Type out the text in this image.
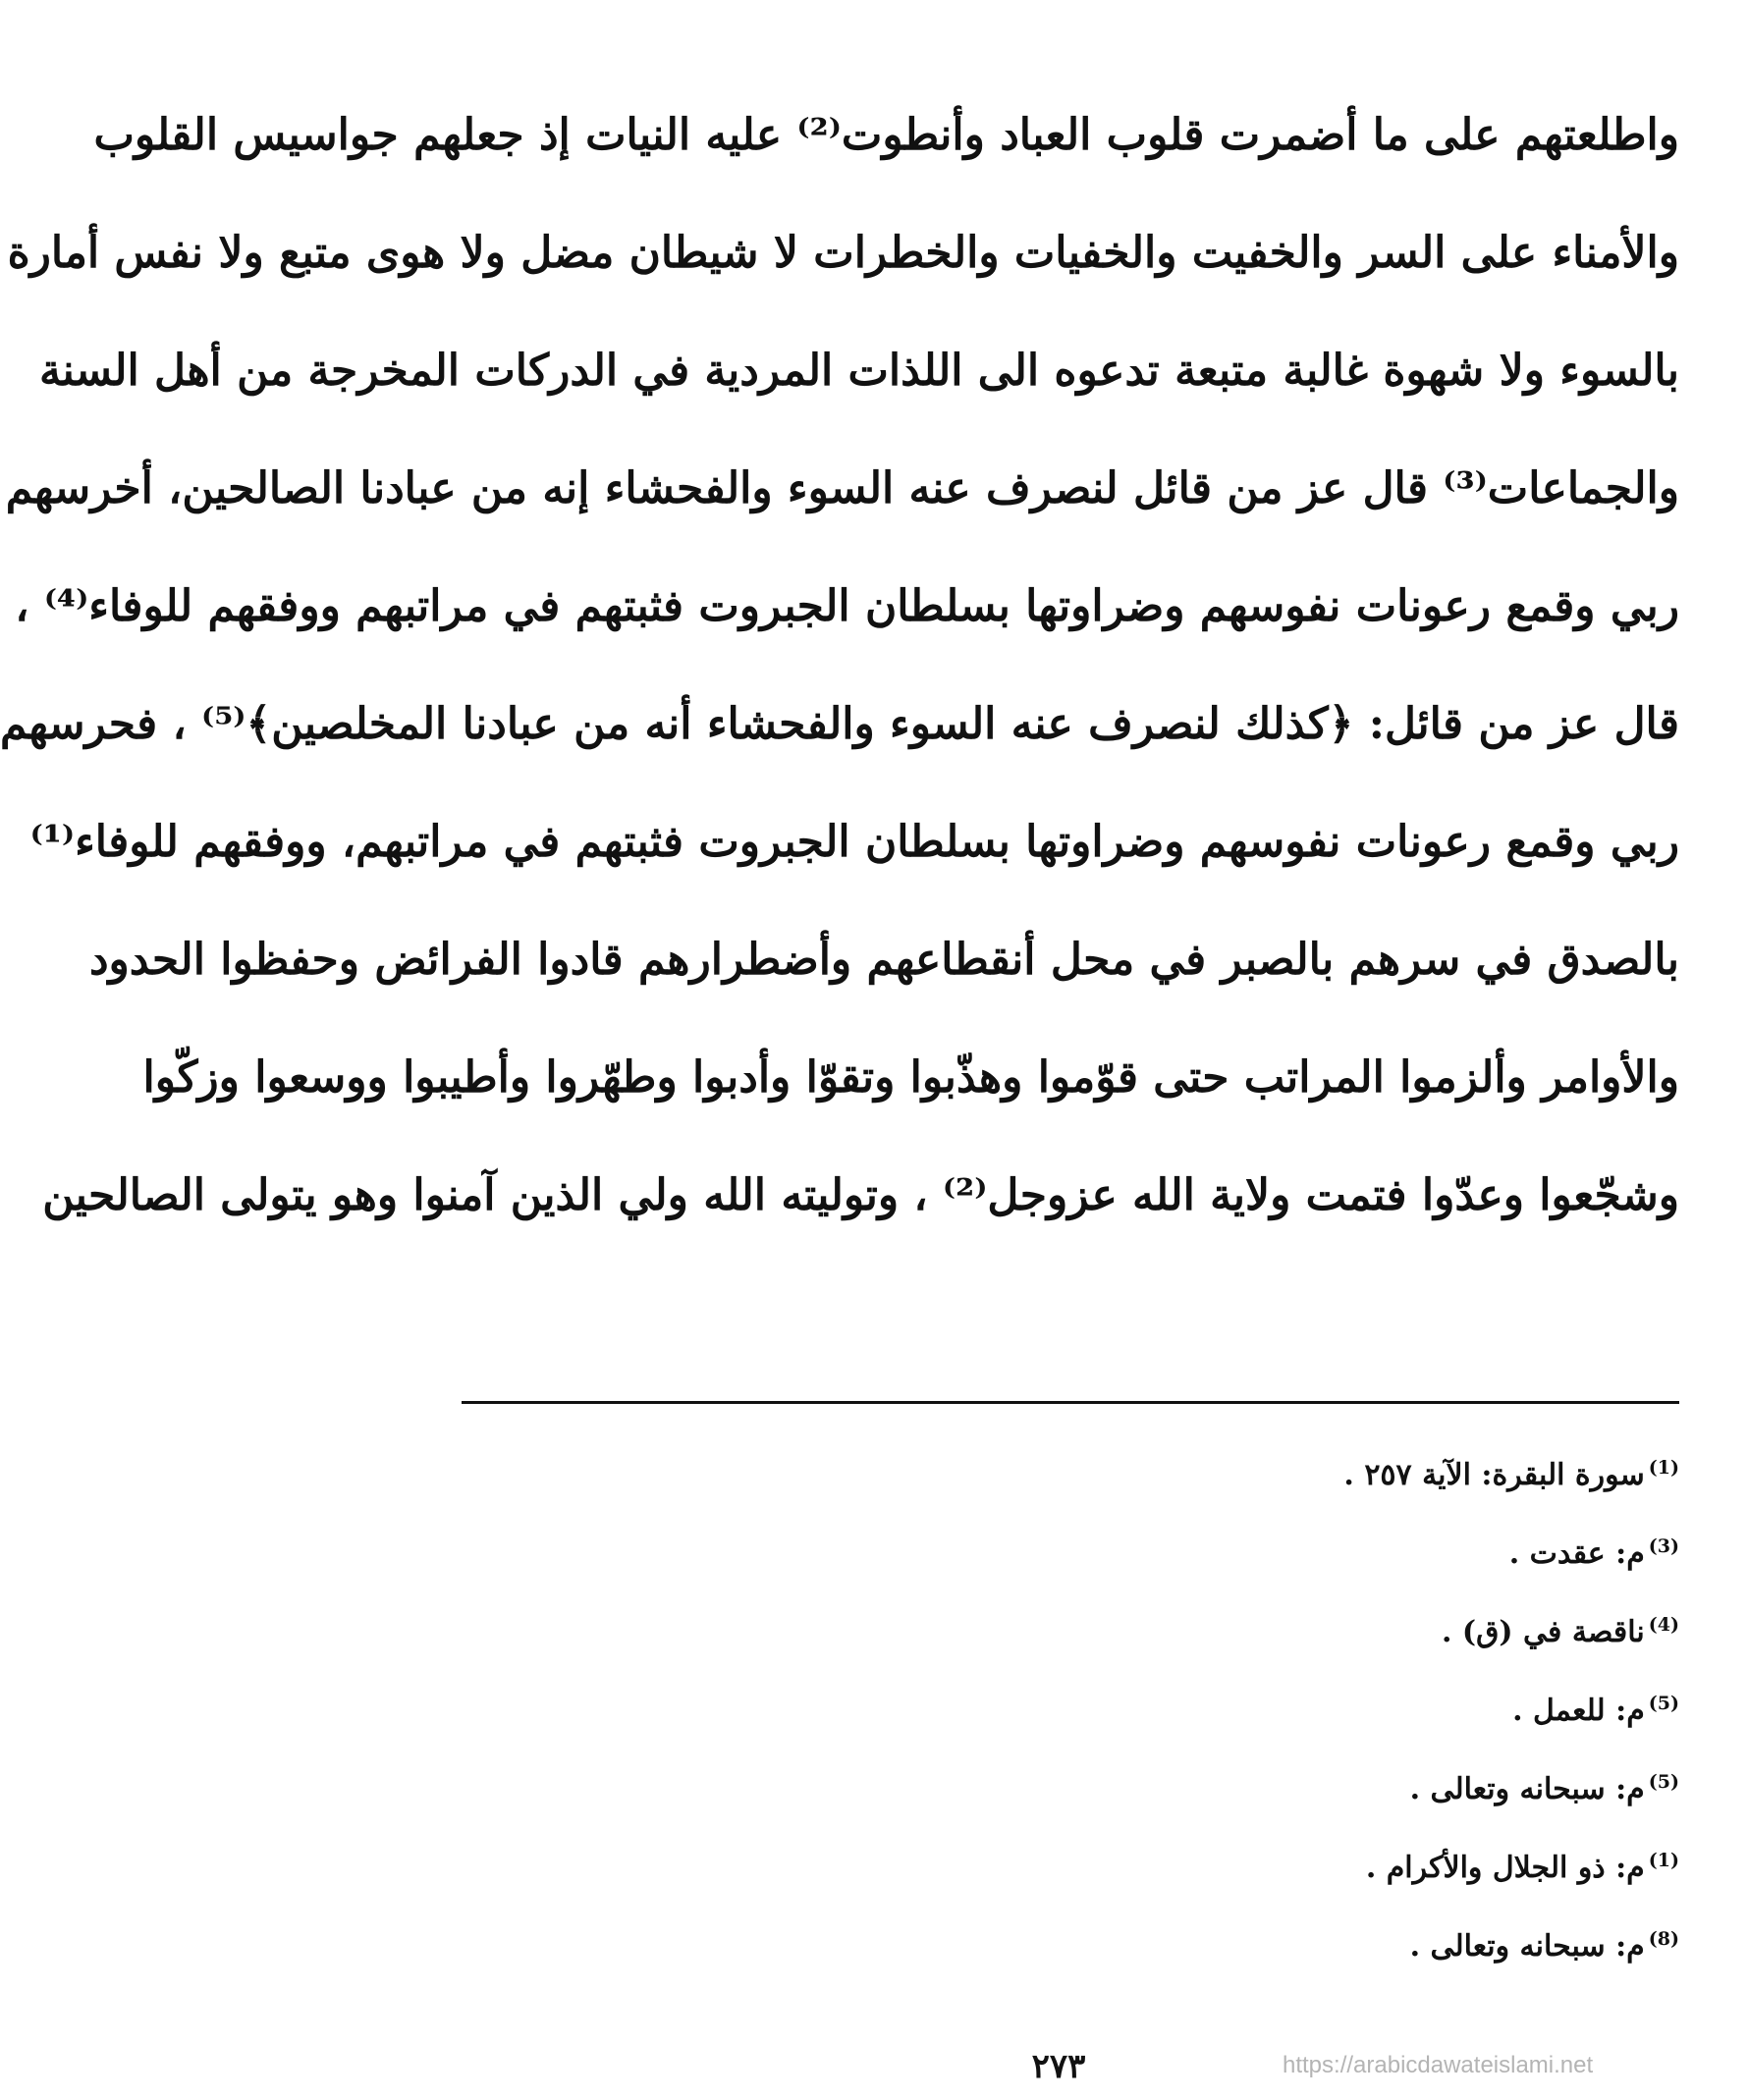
واطلعتهم على ما أضمرت قلوب العباد وأنطوت⁽²⁾ عليه النيات إذ جعلهم جواسيس القلوب
والأمناء على السر والخفيت والخفيات والخطرات لا شيطان مضل ولا هوى متبع ولا نفس أمارة
بالسوء ولا شهوة غالبة متبعة تدعوه الى اللذات المردية في الدركات المخرجة من أهل السنة
والجماعات⁽³⁾ قال عز من قائل لنصرف عنه السوء والفحشاء إنه من عبادنا الصالحين، أخرسهم
ربي وقمع رعونات نفوسهم وضراوتها بسلطان الجبروت فثبتهم في مراتبهم ووفقهم للوفاء⁽⁴⁾ ،
قال عز من قائل: ﴿كذلك لنصرف عنه السوء والفحشاء أنه من عبادنا المخلصين﴾⁽⁵⁾ ، فحرسهم
ربي وقمع رعونات نفوسهم وضراوتها بسلطان الجبروت فثبتهم في مراتبهم، ووفقهم للوفاء⁽¹⁾
بالصدق في سرهم بالصبر في محل أنقطاعهم وأضطرارهم قادوا الفرائض وحفظوا الحدود
والأوامر وألزموا المراتب حتى قوّموا وهذّبوا وتقوّا وأدبوا وطهّروا وأطيبوا ووسعوا وزكّوا
وشجّعوا وعدّوا فتمت ولاية الله عزوجل⁽²⁾ ، وتوليته الله ولي الذين آمنوا وهو يتولى الصالحين
$^{(1)}$سورة البقرة: الآية ٢٥٧ .
$^{(3)}$م: عقدت .
$^{(4)}$ناقصة في (ق) .
$^{(5)}$م: للعمل .
$^{(5)}$م: سبحانه وتعالى .
$^{(1)}$م: ذو الجلال والأكرام .
$^{(8)}$م: سبحانه وتعالى .
٢٧٣	https://arabicdawateislami.net
